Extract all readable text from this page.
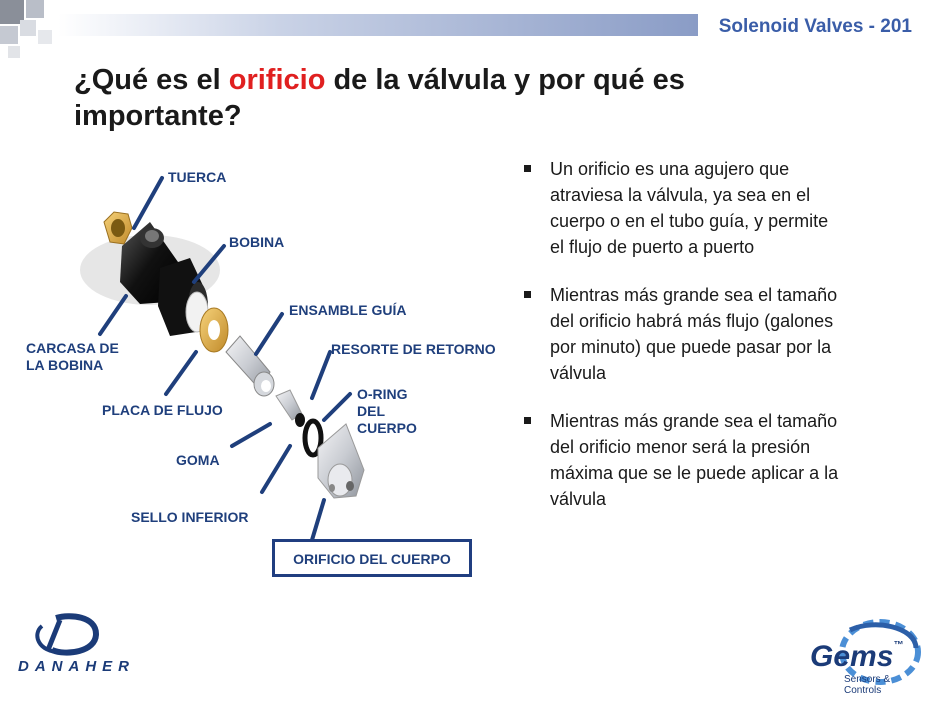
Solenoid Valves - 201
¿Qué es el orificio de la válvula y por qué es importante?
TUERCA
BOBINA
ENSAMBLE GUÍA
CARCASA DE
LA BOBINA
RESORTE DE RETORNO
O-RING
DEL
CUERPO
PLACA DE FLUJO
GOMA
SELLO INFERIOR
ORIFICIO DEL CUERPO
Un orificio es una agujero que atraviesa la válvula, ya sea en el cuerpo o en el tubo guía, y permite el flujo de puerto a puerto
Mientras más grande sea el tamaño del orificio habrá más flujo (galones por minuto) que puede pasar por la válvula
Mientras más grande sea el tamaño del orificio menor será la presión máxima que se le puede aplicar a la válvula
DANAHER	Gems™
Sensors & Controls
